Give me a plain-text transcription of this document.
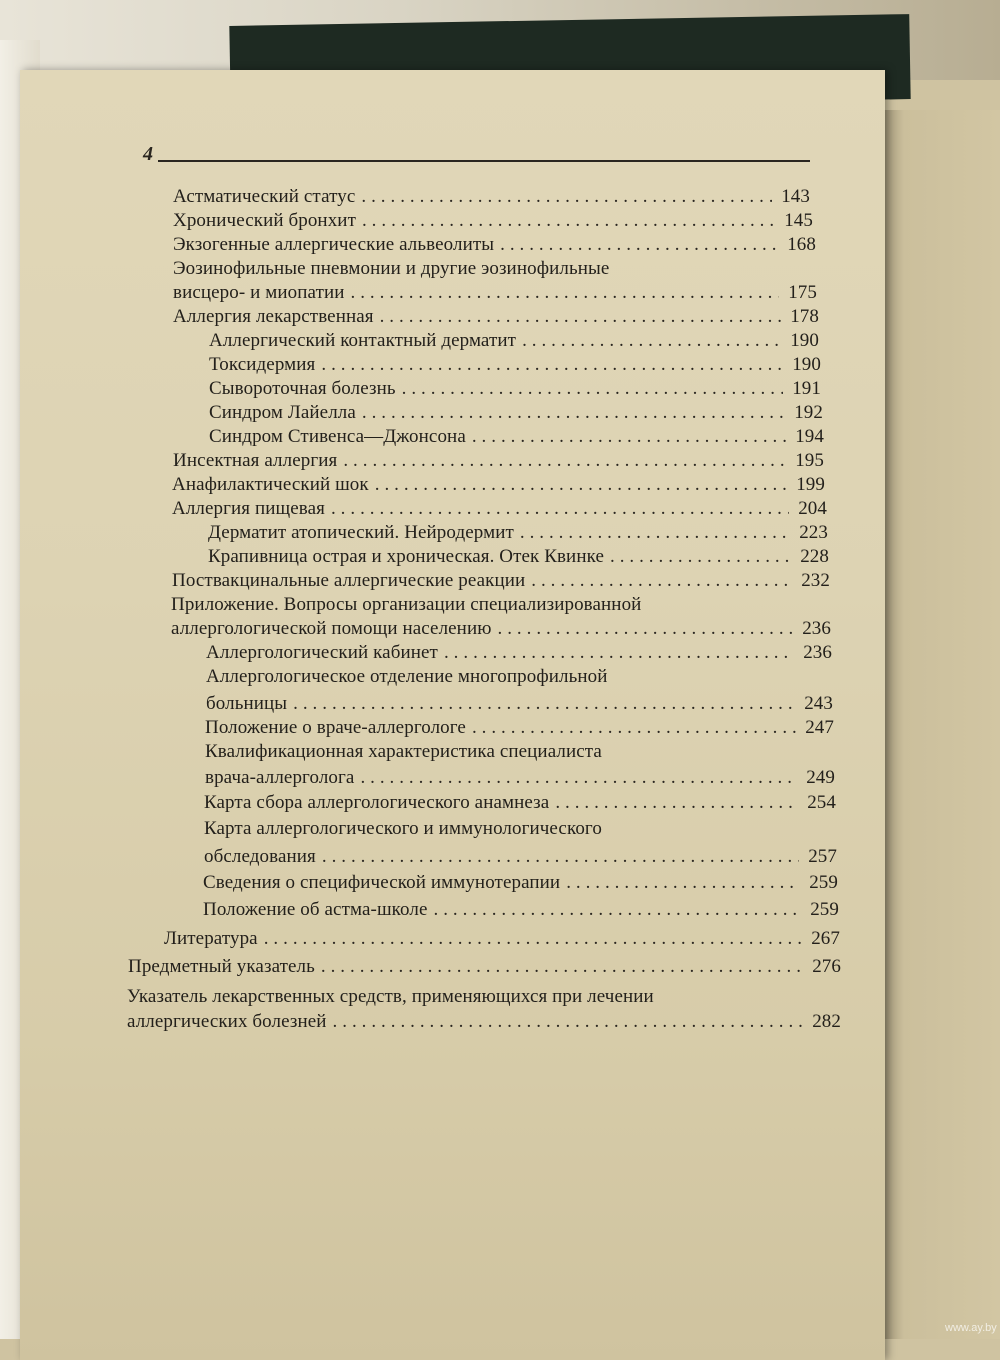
4
Астматический статус . . .	143
Хронический бронхит . . .	145
Экзогенные аллергические альвеолиты . . .	168
Эозинофильные пневмонии и другие эозинофильные
висцеро- и миопатии . . .	175
Аллергия лекарственная . . .	178
Аллергический контактный дерматит . . .	190
Токсидермия . . .	190
Сывороточная болезнь . . .	191
Синдром Лайелла . . .	192
Синдром Стивенса—Джонсона . . .	194
Инсектная аллергия . . .	195
Анафилактический шок . . .	199
Аллергия пищевая . . .	204
Дерматит атопический. Нейродермит . . .	223
Крапивница острая и хроническая. Отек Квинке . . .	228
Поствакцинальные аллергические реакции . . .	232
Приложение. Вопросы организации специализированной
аллергологической помощи населению . . .	236
Аллергологический кабинет . . .	236
Аллергологическое отделение многопрофильной
больницы . . .	243
Положение о враче-аллергологе . . .	247
Квалификационная характеристика специалиста
врача-аллерголога . . .	249
Карта сбора аллергологического анамнеза . . .	254
Карта аллергологического и иммунологического
обследования . . .	257
Сведения о специфической иммунотерапии . . .	259
Положение об астма-школе . . .	259
Литература . . .	267
Предметный указатель . . .	276
Указатель лекарственных средств, применяющихся при лечении
аллергических болезней . . .	282
www.ay.by
